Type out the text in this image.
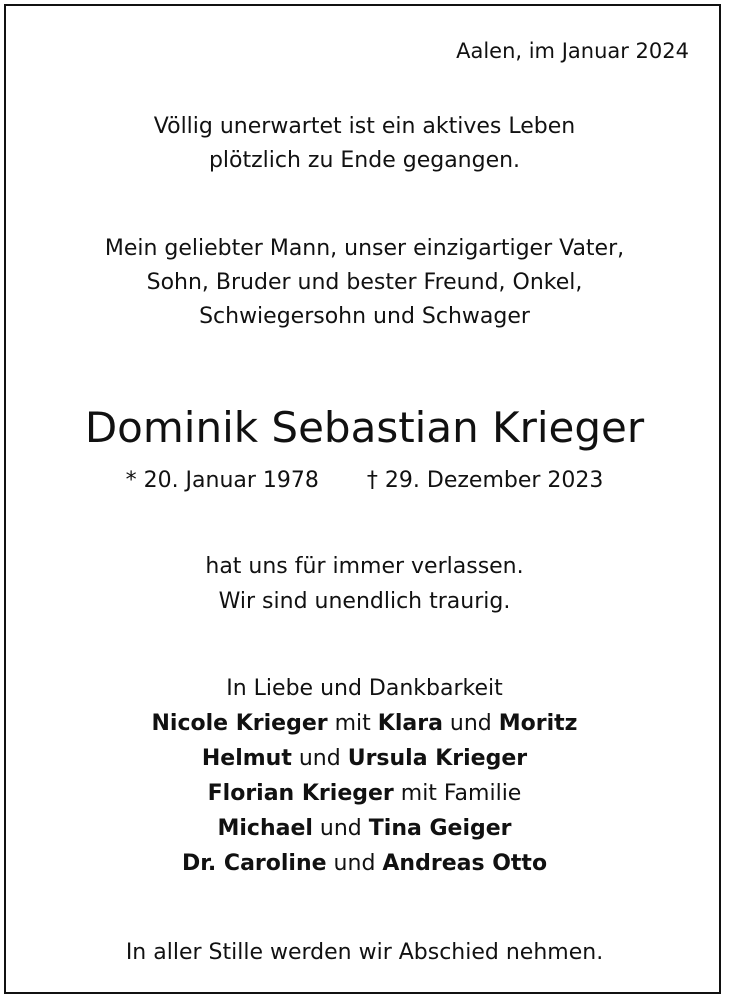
Aalen, im Januar 2024
Völlig unerwartet ist ein aktives Leben
plötzlich zu Ende gegangen.
Mein geliebter Mann, unser einzigartiger Vater,
Sohn, Bruder und bester Freund, Onkel,
Schwiegersohn und Schwager
Dominik Sebastian Krieger
* 20. Januar 1978 † 29. Dezember 2023
hat uns für immer verlassen.
Wir sind unendlich traurig.
In Liebe und Dankbarkeit
Nicole Krieger mit Klara und Moritz
Helmut und Ursula Krieger
Florian Krieger mit Familie
Michael und Tina Geiger
Dr. Caroline und Andreas Otto
In aller Stille werden wir Abschied nehmen.
